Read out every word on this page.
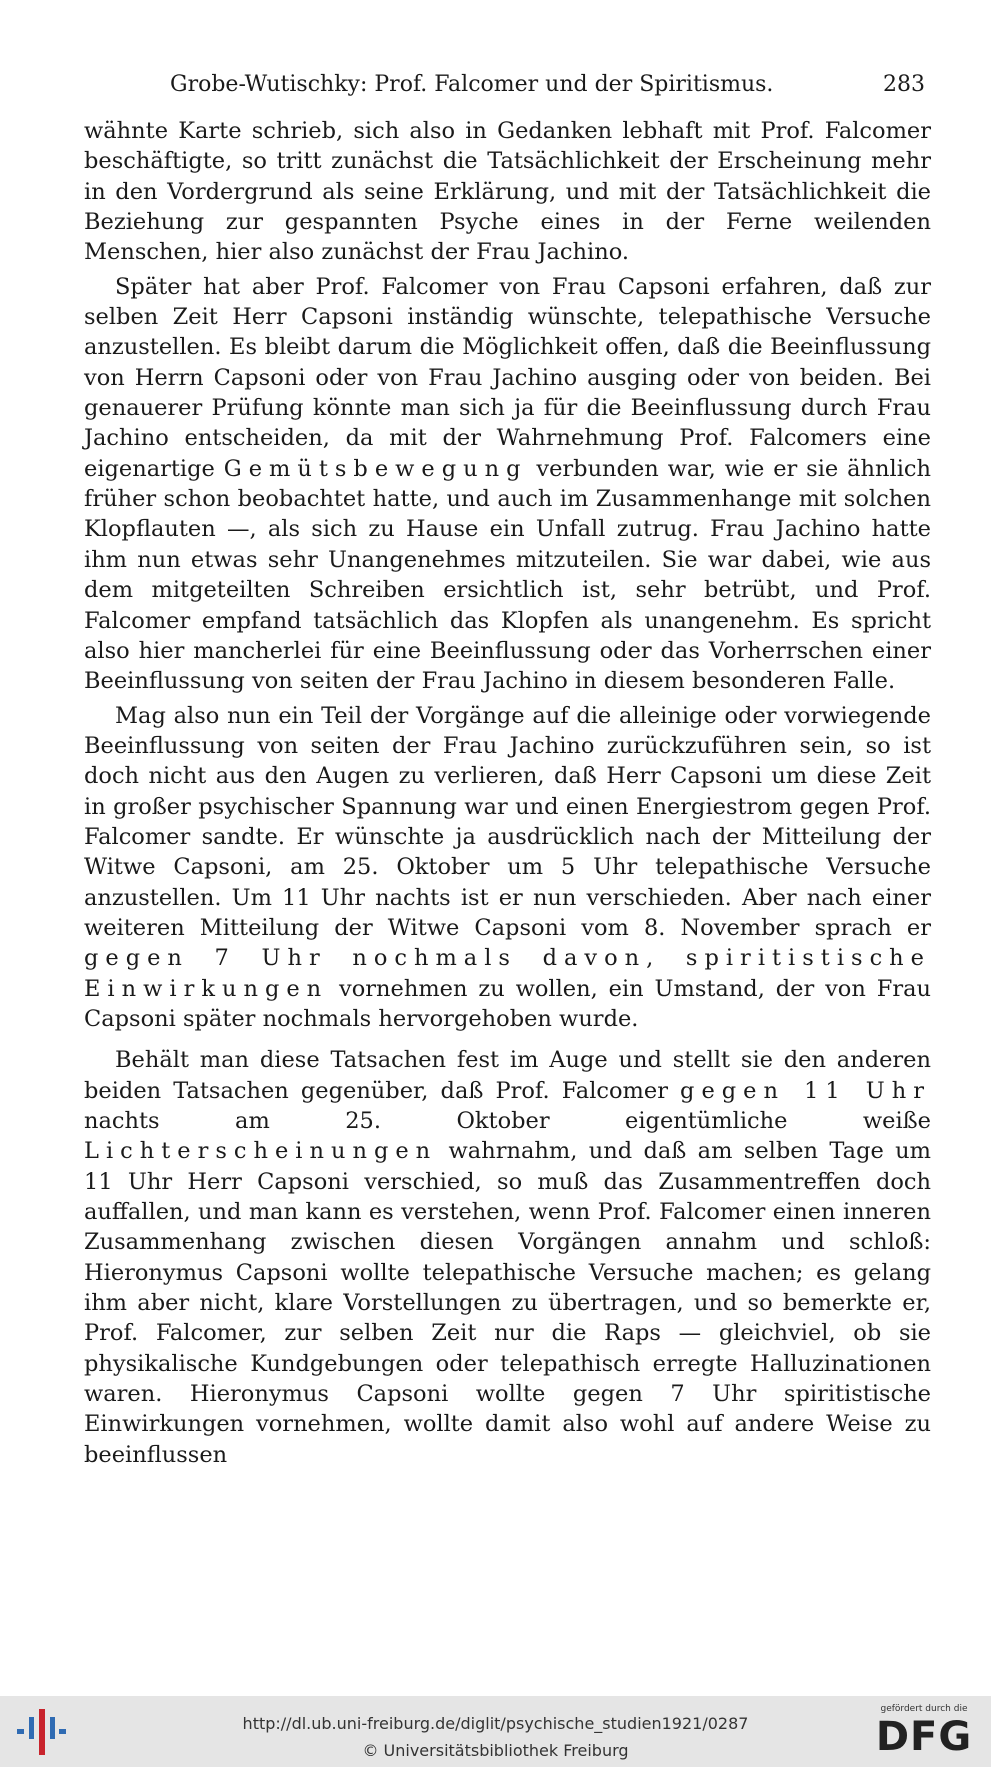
Grobe-Wutischky: Prof. Falcomer und der Spiritismus.	283

wähnte Karte schrieb, sich also in Gedanken lebhaft mit Prof. Falcomer beschäftigte, so tritt zunächst die Tatsächlichkeit der Erscheinung mehr in den Vordergrund als seine Erklärung, und mit der Tatsächlichkeit die Beziehung zur gespannten Psyche eines in der Ferne weilenden Menschen, hier also zunächst der Frau Jachino.

Später hat aber Prof. Falcomer von Frau Capsoni erfahren, daß zur selben Zeit Herr Capsoni inständig wünschte, telepathische Versuche anzustellen. Es bleibt darum die Möglichkeit offen, daß die Beeinflussung von Herrn Capsoni oder von Frau Jachino ausging oder von beiden. Bei genauerer Prüfung könnte man sich ja für die Beeinflussung durch Frau Jachino entscheiden, da mit der Wahrnehmung Prof. Falcomers eine eigenartige Gemütsbewegung verbunden war, wie er sie ähnlich früher schon beobachtet hatte, und auch im Zusammenhange mit solchen Klopflauten —, als sich zu Hause ein Unfall zutrug. Frau Jachino hatte ihm nun etwas sehr Unangenehmes mitzuteilen. Sie war dabei, wie aus dem mitgeteilten Schreiben ersichtlich ist, sehr betrübt, und Prof. Falcomer empfand tatsächlich das Klopfen als unangenehm. Es spricht also hier mancherlei für eine Beeinflussung oder das Vorherrschen einer Beeinflussung von seiten der Frau Jachino in diesem besonderen Falle.

Mag also nun ein Teil der Vorgänge auf die alleinige oder vorwiegende Beeinflussung von seiten der Frau Jachino zurückzuführen sein, so ist doch nicht aus den Augen zu verlieren, daß Herr Capsoni um diese Zeit in großer psychischer Spannung war und einen Energiestrom gegen Prof. Falcomer sandte. Er wünschte ja ausdrücklich nach der Mitteilung der Witwe Capsoni, am 25. Oktober um 5 Uhr telepathische Versuche anzustellen. Um 11 Uhr nachts ist er nun verschieden. Aber nach einer weiteren Mitteilung der Witwe Capsoni vom 8. November sprach er gegen 7 Uhr nochmals davon, spiritistische Einwirkungen vornehmen zu wollen, ein Umstand, der von Frau Capsoni später nochmals hervorgehoben wurde.

Behält man diese Tatsachen fest im Auge und stellt sie den anderen beiden Tatsachen gegenüber, daß Prof. Falcomer gegen 11 Uhr nachts am 25. Oktober eigentümliche weiße Lichterscheinungen wahrnahm, und daß am selben Tage um 11 Uhr Herr Capsoni verschied, so muß das Zusammentreffen doch auffallen, und man kann es verstehen, wenn Prof. Falcomer einen inneren Zusammenhang zwischen diesen Vorgängen annahm und schloß: Hieronymus Capsoni wollte telepathische Versuche machen; es gelang ihm aber nicht, klare Vorstellungen zu übertragen, und so bemerkte er, Prof. Falcomer, zur selben Zeit nur die Raps — gleichviel, ob sie physikalische Kundgebungen oder telepathisch erregte Halluzinationen waren. Hieronymus Capsoni wollte gegen 7 Uhr spiritistische Einwirkungen vornehmen, wollte damit also wohl auf andere Weise zu beeinflussen

http://dl.ub.uni-freiburg.de/diglit/psychische_studien1921/0287
© Universitätsbibliothek Freiburg
gefördert durch die
DFG
